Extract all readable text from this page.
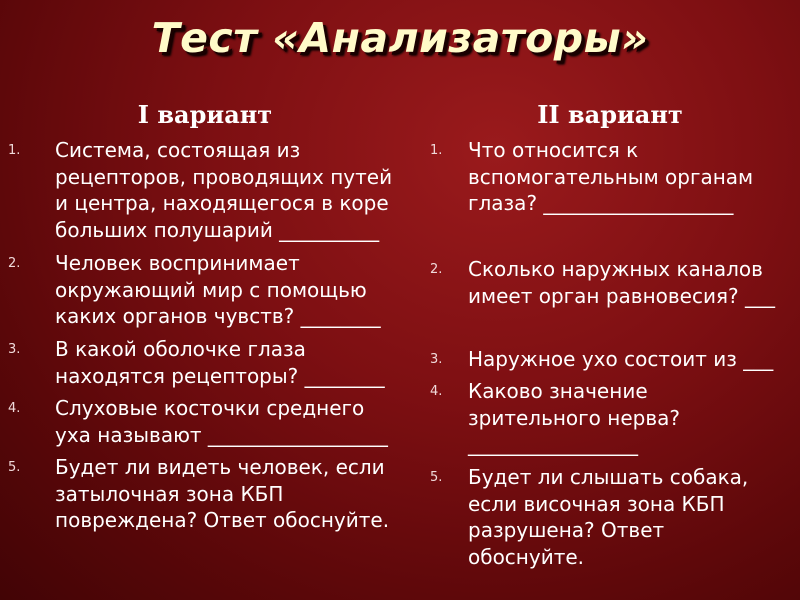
Тест «Анализаторы»
I вариант	II вариант
1. Система, состоящая из
рецепторов, проводящих путей
и центра, находящегося в коре
больших полушарий __________
2. Человек воспринимает
окружающий мир с помощью
каких органов чувств? ________
3. В какой оболочке глаза
находятся рецепторы? ________
4. Слуховые косточки среднего
уха называют __________________
5. Будет ли видеть человек, если
затылочная зона КБП
повреждена? Ответ обоснуйте.
1. Что относится к
вспомогательным органам
глаза? ___________________
2. Сколько наружных каналов
имеет орган равновесия? ___
3. Наружное ухо состоит из ___
4. Каково значение
зрительного нерва?
_________________
5. Будет ли слышать собака,
если височная зона КБП
разрушена? Ответ
обоснуйте.
